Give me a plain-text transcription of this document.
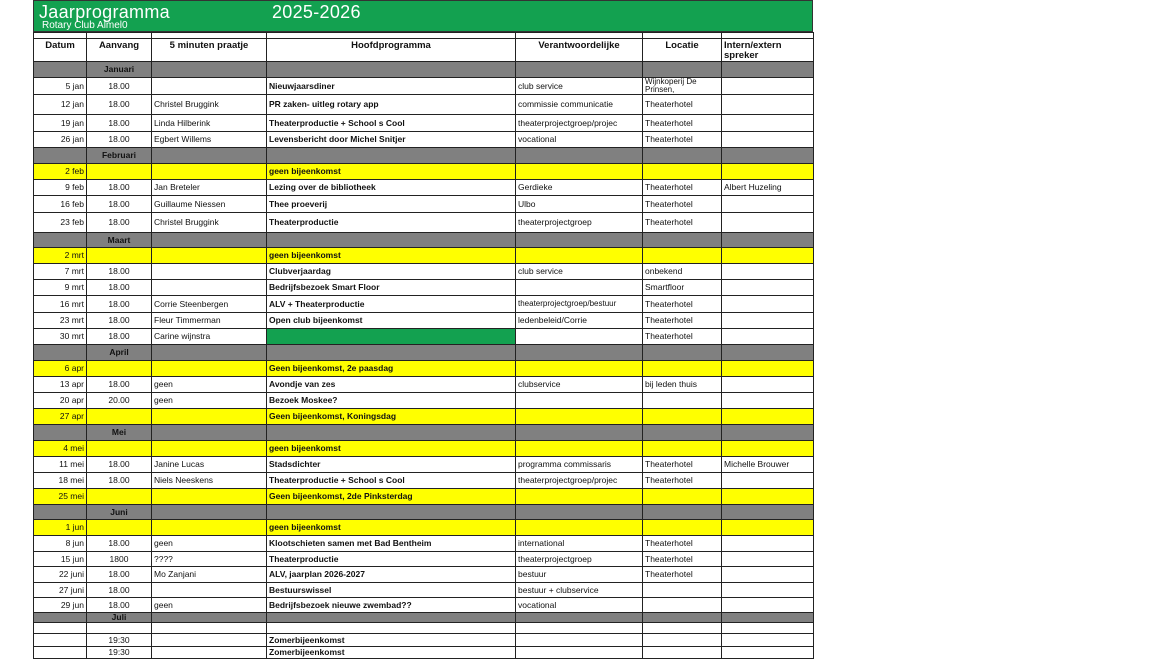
Jaarprogramma	2025-2026
Rotary Club Almel0

Datum	Aanvang	5 minuten praatje	Hoofdprogramma	Verantwoordelijke	Locatie	Intern/extern spreker
	Januari					
5 jan	18.00		Nieuwjaarsdiner	club service	Wijnkoperij De Prinsen,	
12 jan	18.00	Christel Bruggink	PR zaken- uitleg rotary app	commissie communicatie	Theaterhotel	
19 jan	18.00	Linda Hilberink	Theaterproductie + School s Cool	theaterprojectgroep/projec	Theaterhotel	
26 jan	18.00	Egbert Willems	Levensbericht door Michel Snitjer	vocational	Theaterhotel	
	Februari					
2 feb			geen bijeenkomst			
9 feb	18.00	Jan Breteler	Lezing over de bibliotheek	Gerdieke	Theaterhotel	Albert Huzeling
16 feb	18.00	Guillaume Niessen	Thee proeverij	Ulbo	Theaterhotel	
23 feb	18.00	Christel Bruggink	Theaterproductie	theaterprojectgroep	Theaterhotel	
	Maart					
2 mrt			geen bijeenkomst			
7 mrt	18.00		Clubverjaardag	club service	onbekend	
9 mrt	18.00		Bedrijfsbezoek Smart Floor		Smartfloor	
16 mrt	18.00	Corrie Steenbergen	ALV + Theaterproductie	theaterprojectgroep/bestuur	Theaterhotel	
23 mrt	18.00	Fleur Timmerman	Open club bijeenkomst	ledenbeleid/Corrie	Theaterhotel	
30 mrt	18.00	Carine wijnstra			Theaterhotel	
	April					
6 apr			Geen bijeenkomst, 2e paasdag			
13 apr	18.00	geen	Avondje van zes	clubservice	bij leden thuis	
20 apr	20.00	geen	Bezoek Moskee?			
27 apr			Geen bijeenkomst, Koningsdag			
	Mei					
4 mei			geen bijeenkomst			
11 mei	18.00	Janine Lucas	Stadsdichter	programma commissaris	Theaterhotel	Michelle Brouwer
18 mei	18.00	Niels Neeskens	Theaterproductie + School s Cool	theaterprojectgroep/projec	Theaterhotel	
25 mei			Geen bijeenkomst, 2de Pinksterdag			
	Juni					
1 jun			geen bijeenkomst			
8 jun	18.00	geen	Klootschieten samen met Bad Bentheim	international	Theaterhotel	
15 jun	1800	????	Theaterproductie	theaterprojectgroep	Theaterhotel	
22 juni	18.00	Mo Zanjani	ALV, jaarplan 2026-2027	bestuur	Theaterhotel	
27 juni	18.00		Bestuurswissel	bestuur + clubservice		
29 jun	18.00	geen	Bedrijfsbezoek nieuwe zwembad??	vocational		
	Juli					

	19:30		Zomerbijeenkomst			
	19:30		Zomerbijeenkomst			
